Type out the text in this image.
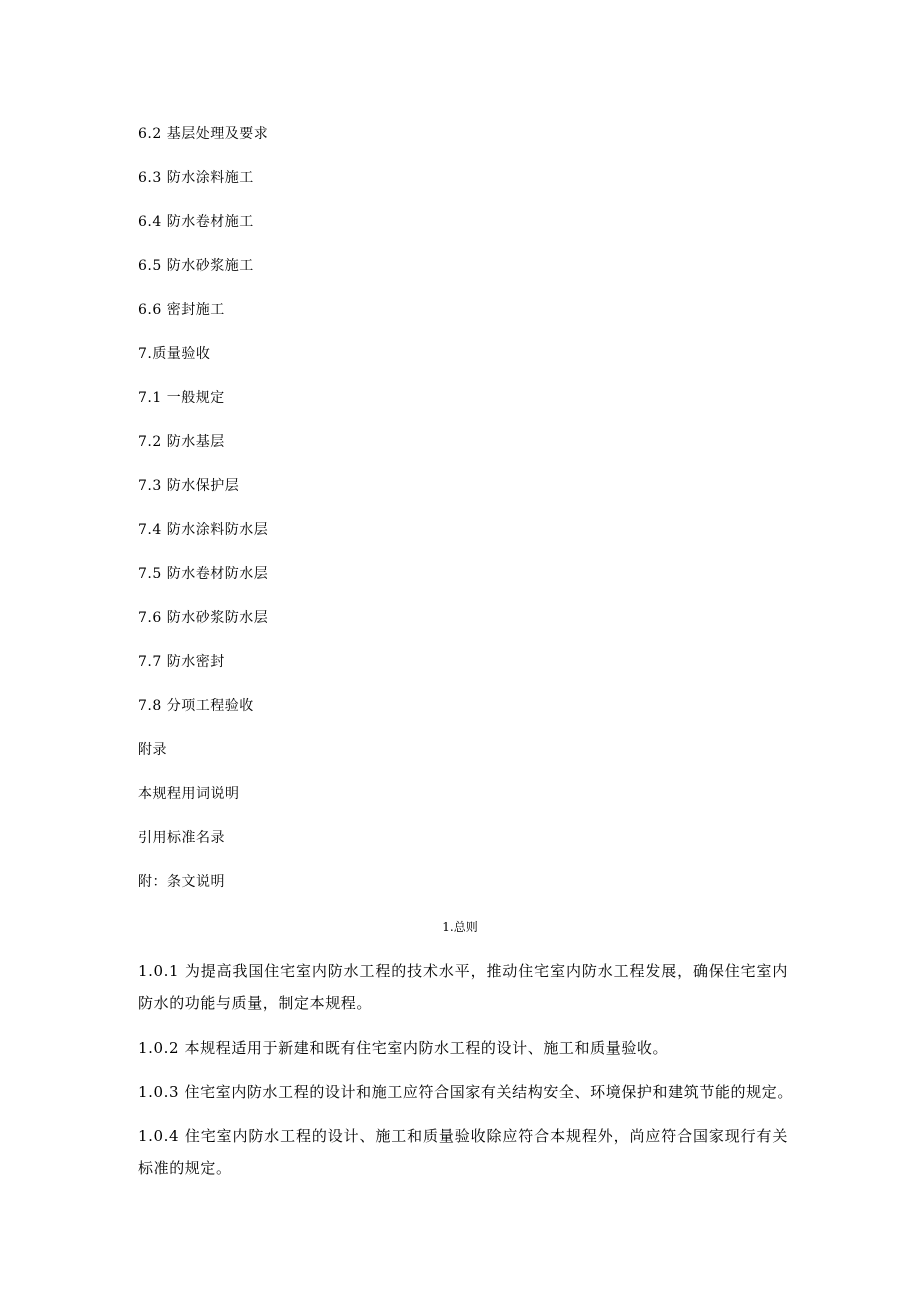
6.2 基层处理及要求
6.3 防水涂料施工
6.4 防水卷材施工
6.5 防水砂浆施工
6.6 密封施工
7.质量验收
7.1 一般规定
7.2 防水基层
7.3 防水保护层
7.4 防水涂料防水层
7.5 防水卷材防水层
7.6 防水砂浆防水层
7.7 防水密封
7.8 分项工程验收
附录
本规程用词说明
引用标准名录
附：条文说明
1.总则
1.0.1 为提高我国住宅室内防水工程的技术水平，推动住宅室内防水工程发展，确保住宅室内防水的功能与质量，制定本规程。
1.0.2 本规程适用于新建和既有住宅室内防水工程的设计、施工和质量验收。
1.0.3 住宅室内防水工程的设计和施工应符合国家有关结构安全、环境保护和建筑节能的规定。
1.0.4 住宅室内防水工程的设计、施工和质量验收除应符合本规程外，尚应符合国家现行有关标准的规定。
